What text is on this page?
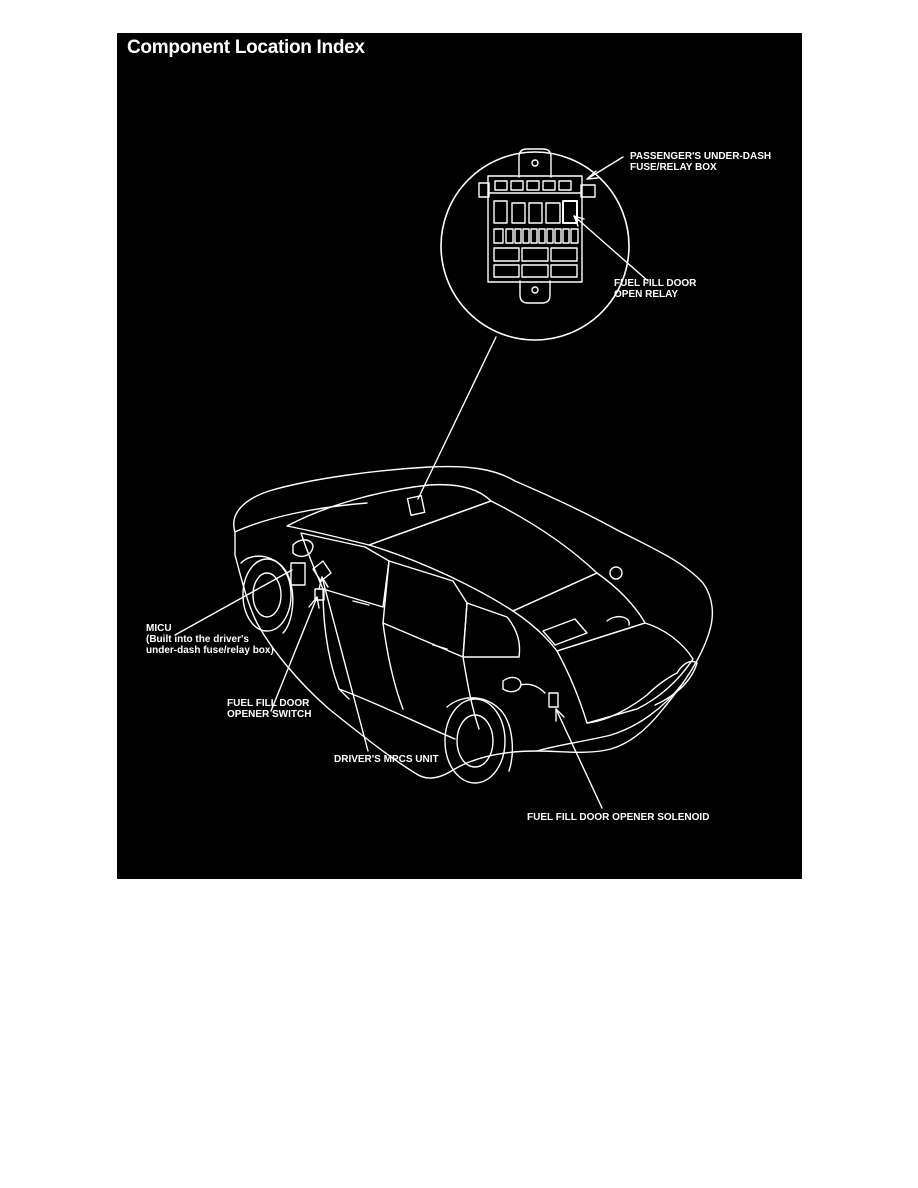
Component Location Index
PASSENGER'S UNDER-DASH
FUSE/RELAY BOX
FUEL FILL DOOR
OPEN RELAY
MICU
(Built into the driver's
under-dash fuse/relay box)
FUEL FILL DOOR
OPENER SWITCH
DRIVER'S MPCS UNIT
FUEL FILL DOOR OPENER SOLENOID
